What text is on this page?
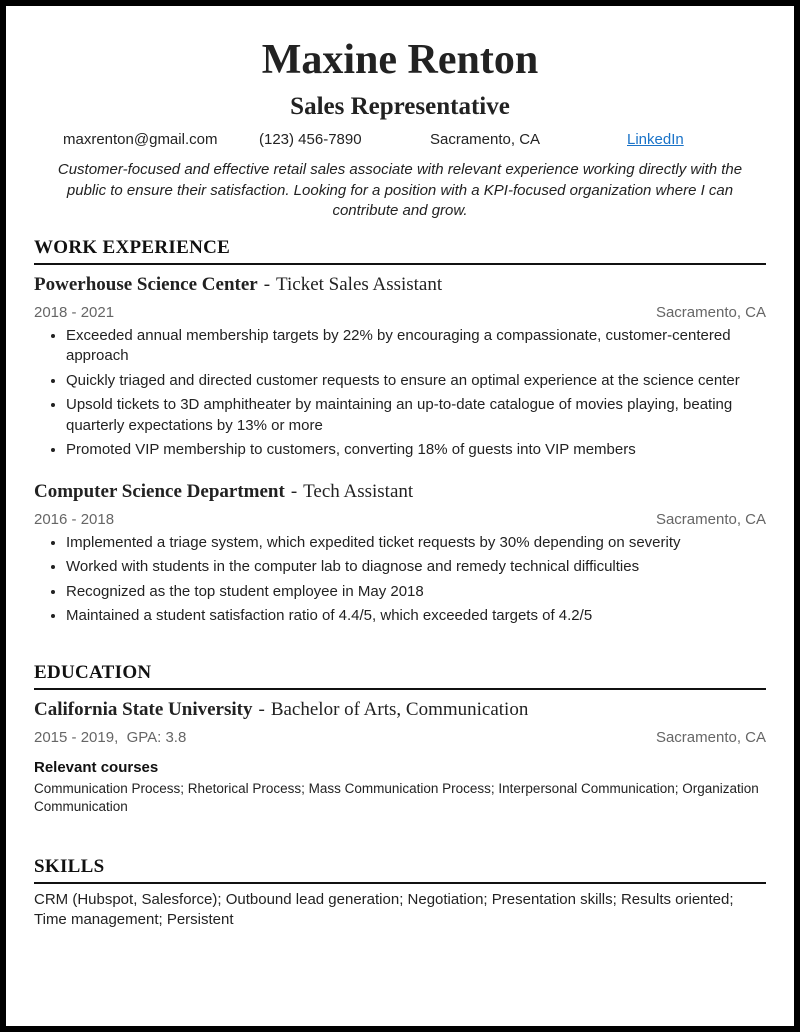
Maxine Renton
Sales Representative
maxrenton@gmail.com	(123) 456-7890	Sacramento, CA	LinkedIn

Customer-focused and effective retail sales associate with relevant experience working directly with the public to ensure their satisfaction. Looking for a position with a KPI-focused organization where I can contribute and grow.

WORK EXPERIENCE
Powerhouse Science Center - Ticket Sales Assistant
2018 - 2021	Sacramento, CA
• Exceeded annual membership targets by 22% by encouraging a compassionate, customer-centered approach
• Quickly triaged and directed customer requests to ensure an optimal experience at the science center
• Upsold tickets to 3D amphitheater by maintaining an up-to-date catalogue of movies playing, beating quarterly expectations by 13% or more
• Promoted VIP membership to customers, converting 18% of guests into VIP members
Computer Science Department - Tech Assistant
2016 - 2018	Sacramento, CA
• Implemented a triage system, which expedited ticket requests by 30% depending on severity
• Worked with students in the computer lab to diagnose and remedy technical difficulties
• Recognized as the top student employee in May 2018
• Maintained a student satisfaction ratio of 4.4/5, which exceeded targets of 4.2/5
EDUCATION
California State University - Bachelor of Arts, Communication
2015 - 2019,  GPA: 3.8	Sacramento, CA
Relevant courses
Communication Process; Rhetorical Process; Mass Communication Process; Interpersonal Communication; Organization Communication
SKILLS
CRM (Hubspot, Salesforce); Outbound lead generation; Negotiation; Presentation skills; Results oriented; Time management; Persistent
